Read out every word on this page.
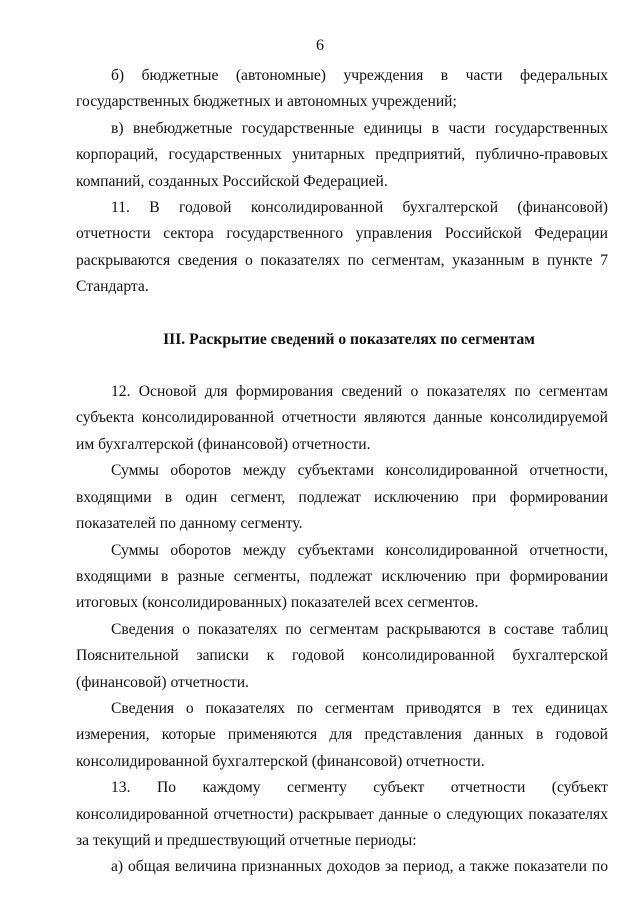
6

б) бюджетные (автономные) учреждения в части федеральных государственных бюджетных и автономных учреждений;

в) внебюджетные государственные единицы в части государственных корпораций, государственных унитарных предприятий, публично-правовых компаний, созданных Российской Федерацией.

11. В годовой консолидированной бухгалтерской (финансовой) отчетности сектора государственного управления Российской Федерации раскрываются сведения о показателях по сегментам, указанным в пункте 7 Стандарта.

III. Раскрытие сведений о показателях по сегментам

12. Основой для формирования сведений о показателях по сегментам субъекта консолидированной отчетности являются данные консолидируемой им бухгалтерской (финансовой) отчетности.

Суммы оборотов между субъектами консолидированной отчетности, входящими в один сегмент, подлежат исключению при формировании показателей по данному сегменту.

Суммы оборотов между субъектами консолидированной отчетности, входящими в разные сегменты, подлежат исключению при формировании итоговых (консолидированных) показателей всех сегментов.

Сведения о показателях по сегментам раскрываются в составе таблиц Пояснительной записки к годовой консолидированной бухгалтерской (финансовой) отчетности.

Сведения о показателях по сегментам приводятся в тех единицах измерения, которые применяются для представления данных в годовой консолидированной бухгалтерской (финансовой) отчетности.

13. По каждому сегменту субъект отчетности (субъект консолидированной отчетности) раскрывает данные о следующих показателях за текущий и предшествующий отчетные периоды:

а) общая величина признанных доходов за период, а также показатели по
